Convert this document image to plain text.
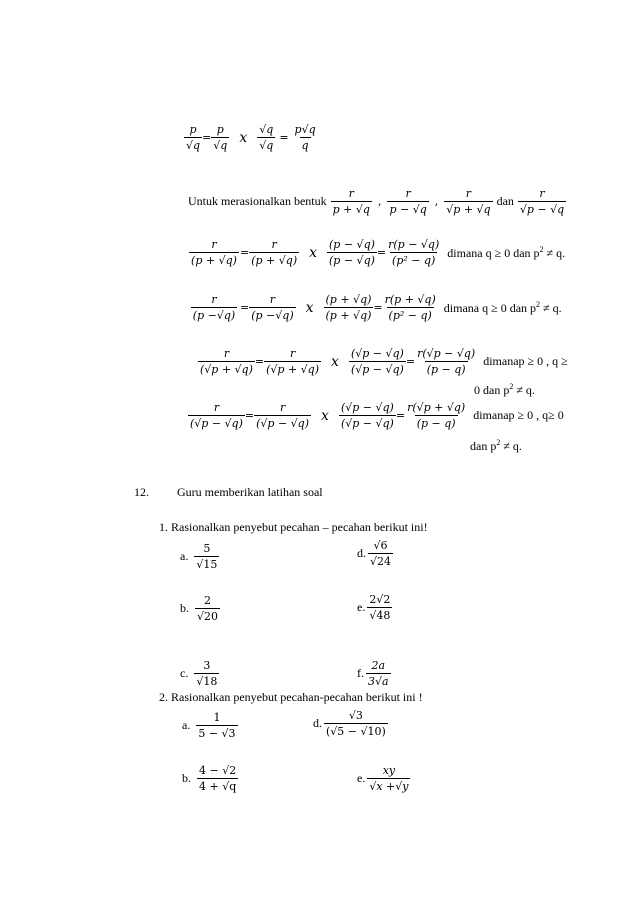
$\frac{p}{√q} = \frac{p}{√q}$ x $\frac{√q}{√q} = \frac{p√q}{q}$
Untuk merasionalkan bentuk $\frac{r}{p + √q}$ , $\frac{r}{p - √q}$ , $\frac{r}{√p + √q}$ dan $\frac{r}{√p - √q}$
$\frac{r}{(p + √q)} = \frac{r}{(p + √q)}$ x $\frac{(p - √q)}{(p - √q)} = \frac{r(p - √q)}{\text{(p² − q)}}$ dimana q ≥ 0 dan $p^2 \ne q$.
$\frac{r}{(p -√q)} = \frac{r}{(p -√q)}$ x $\frac{(p + √q)}{(p + √q)} = \frac{r(p + √q)}{\text{(p² − q)}}$ dimana q ≥ 0 dan $p^2 \ne q$.
$\frac{r}{(√p + √q)} = \frac{r}{(√p + √q)}$ x $\frac{(√p - √q)}{(√p - √q)} = \frac{r(√p - √q)}{(p - q)}$ dimanap ≥ 0 , q ≥
0 dan $p^2 \ne q$.
$\frac{r}{(√p - √q)} = \frac{r}{(√p - √q)}$ x $\frac{(√p - √q)}{(√p - √q)} = \frac{r(√p + √q)}{(p - q)}$ dimanap ≥ 0 , q≥ 0
dan $p^2 \ne q$.
12. Guru memberikan latihan soal
1. Rasionalkan penyebut pecahan – pecahan berikut ini!
a. $\frac{5}{√15}$	d. $\frac{√6}{√24}$
b. $\frac{2}{√20}$	e. $\frac{2√2}{√48}$
c. $\frac{3}{√18}$	f. $\frac{2a}{3√a}$
2. Rasionalkan penyebut pecahan-pecahan berikut ini !
a. $\frac{1}{5 - √3}$	d. $\frac{√3}{(√5 - √10)}$
b. $\frac{4 - √2}{4 + √q}$	e. $\frac{xy}{√x +√y}$
